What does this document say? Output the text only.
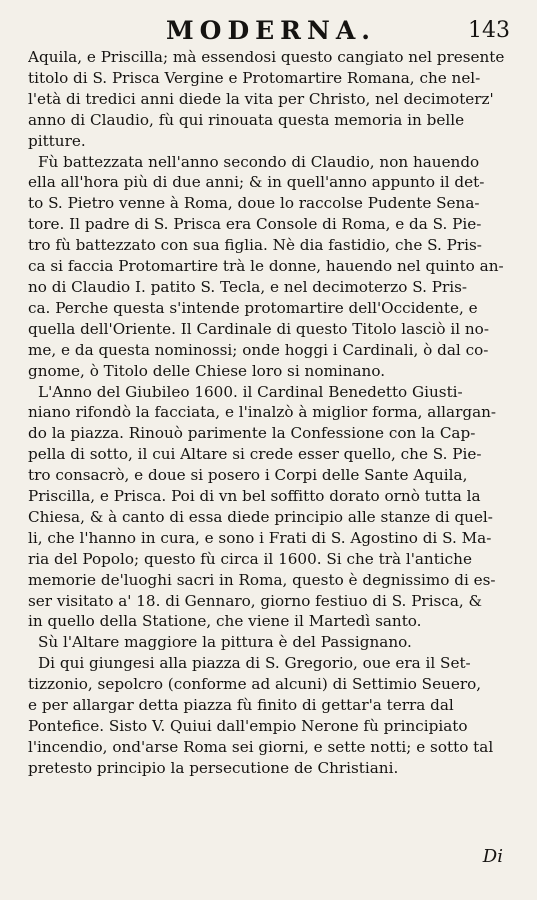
MODERNA.	143
Aquila, e Priscilla; mà essendosi questo cangiato nel presente
titolo di S. Prisca Vergine e Protomartire Romana, che nel-
l'età di tredici anni diede la vita per Christo, nel decimoterz'
anno di Claudio, fù qui rinouata questa memoria in belle
pitture.
Fù battezzata nell'anno secondo di Claudio, non hauendo
ella all'hora più di due anni; & in quell'anno appunto il det-
to S. Pietro venne à Roma, doue lo raccolse Pudente Sena-
tore. Il padre di S. Prisca era Console di Roma, e da S. Pie-
tro fù battezzato con sua figlia. Nè dia fastidio, che S. Pris-
ca si faccia Protomartire trà le donne, hauendo nel quinto an-
no di Claudio I. patito S. Tecla, e nel decimoterzo S. Pris-
ca. Perche questa s'intende protomartire dell'Occidente, e
quella dell'Oriente. Il Cardinale di questo Titolo lasciò il no-
me, e da questa nominossi; onde hoggi i Cardinali, ò dal co-
gnome, ò Titolo delle Chiese loro si nominano.
L'Anno del Giubileo 1600. il Cardinal Benedetto Giusti-
niano rifondò la facciata, e l'inalzò à miglior forma, allargan-
do la piazza. Rinouò parimente la Confessione con la Cap-
pella di sotto, il cui Altare si crede esser quello, che S. Pie-
tro consacrò, e doue si posero i Corpi delle Sante Aquila,
Priscilla, e Prisca. Poi di vn bel soffitto dorato ornò tutta la
Chiesa, & à canto di essa diede principio alle stanze di quel-
li, che l'hanno in cura, e sono i Frati di S. Agostino di S. Ma-
ria del Popolo; questo fù circa il 1600. Si che trà l'antiche
memorie de'luoghi sacri in Roma, questo è degnissimo di es-
ser visitato a' 18. di Gennaro, giorno festiuo di S. Prisca, &
in quello della Statione, che viene il Martedì santo.
Sù l'Altare maggiore la pittura è del Passignano.
Di qui giungesi alla piazza di S. Gregorio, oue era il Set-
tizzonio, sepolcro (conforme ad alcuni) di Settimio Seuero,
e per allargar detta piazza fù finito di gettar'a terra dal
Pontefice. Sisto V. Quiui dall'empio Nerone fù principiato
l'incendio, ond'arse Roma sei giorni, e sette notti; e sotto tal
pretesto principio la persecutione de Christiani.
Di
